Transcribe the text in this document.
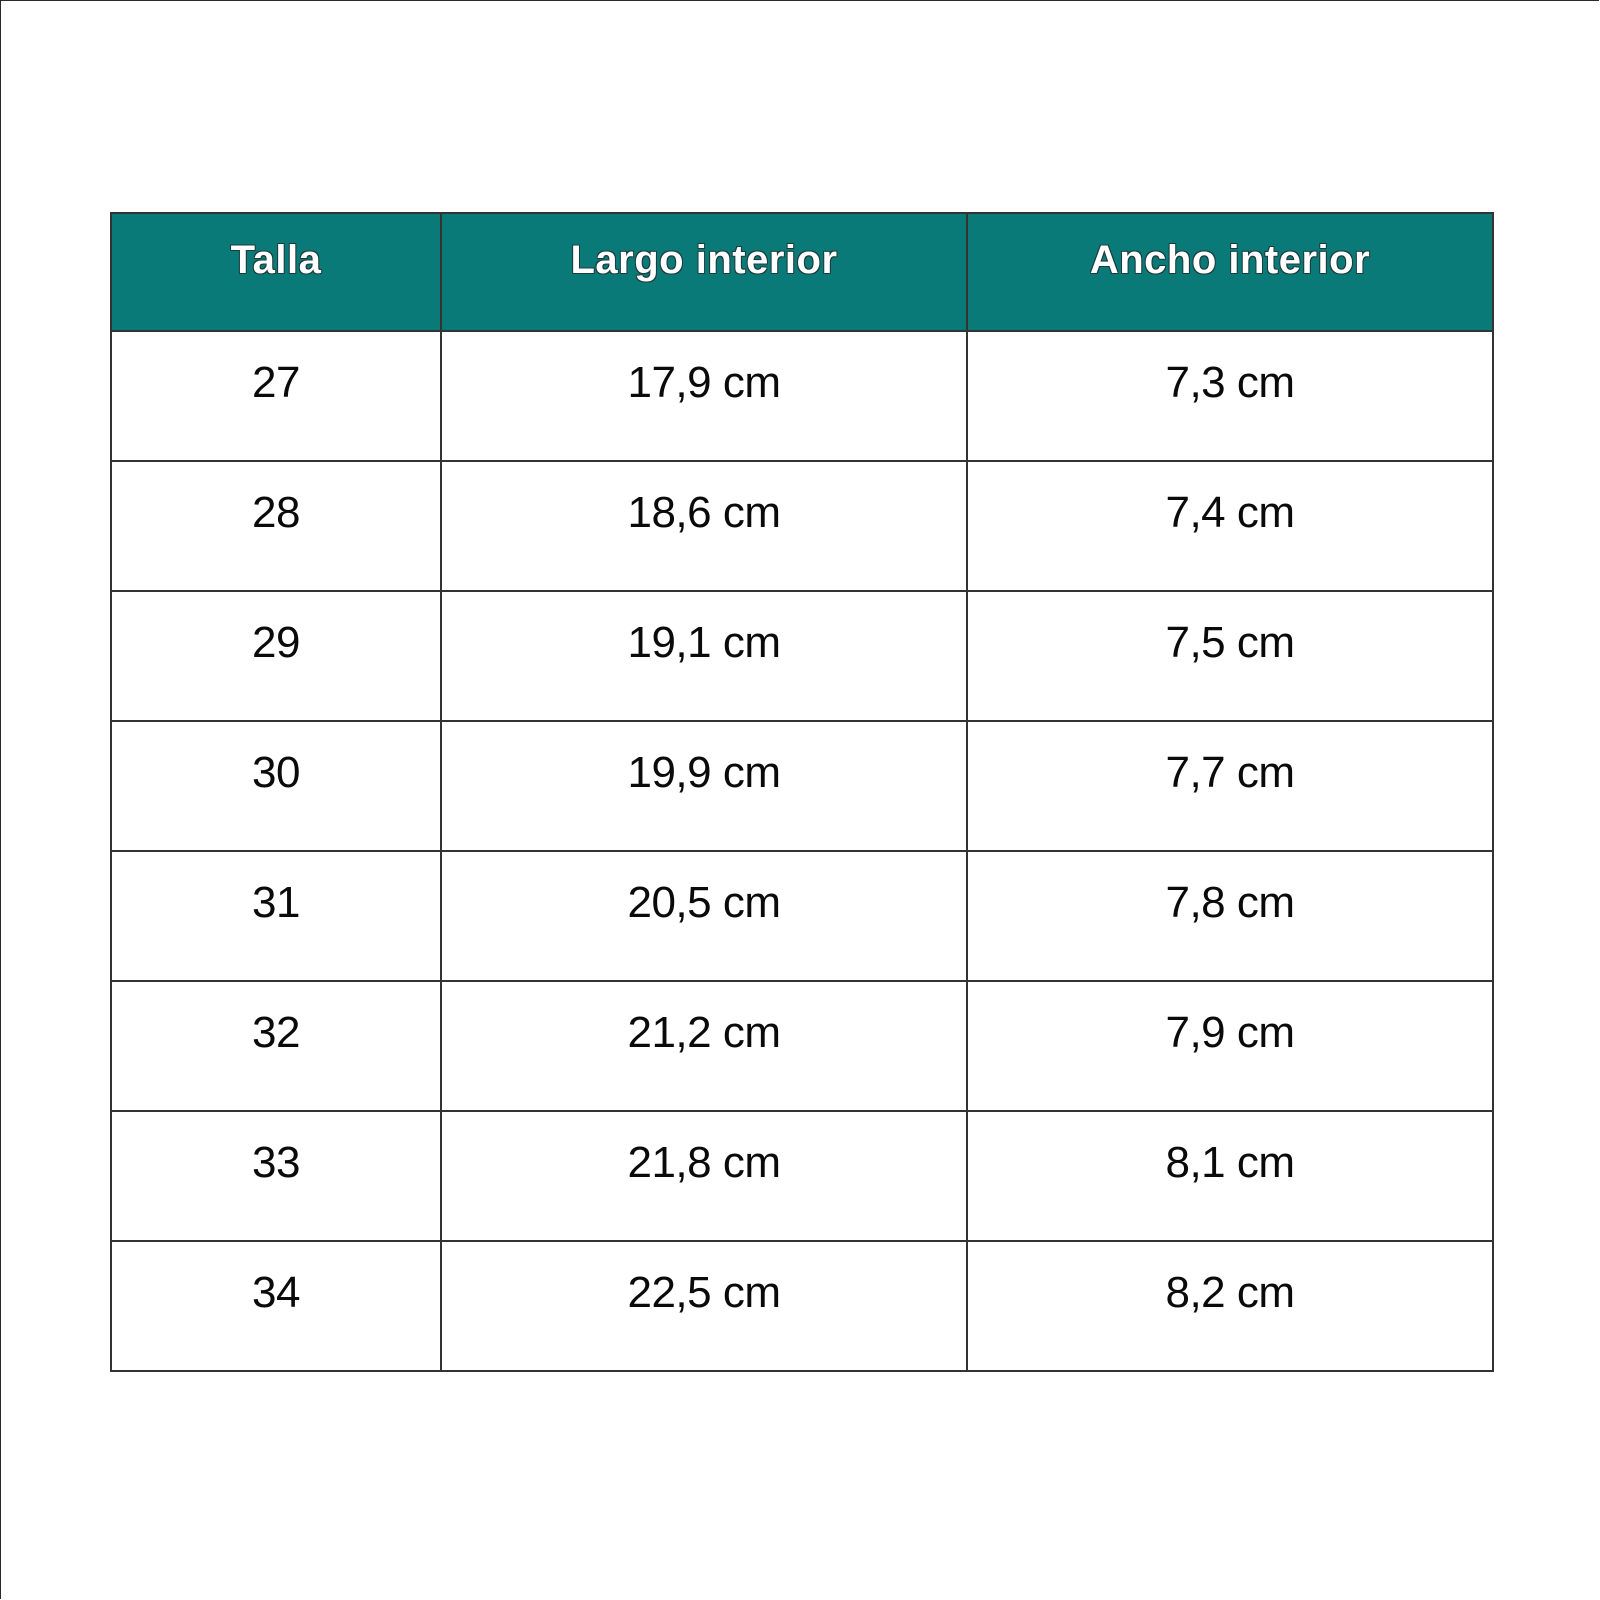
Talla	Largo interior	Ancho interior
27	17,9 cm	7,3 cm
28	18,6 cm	7,4 cm
29	19,1 cm	7,5 cm
30	19,9 cm	7,7 cm
31	20,5 cm	7,8 cm
32	21,2 cm	7,9 cm
33	21,8 cm	8,1 cm
34	22,5 cm	8,2 cm
